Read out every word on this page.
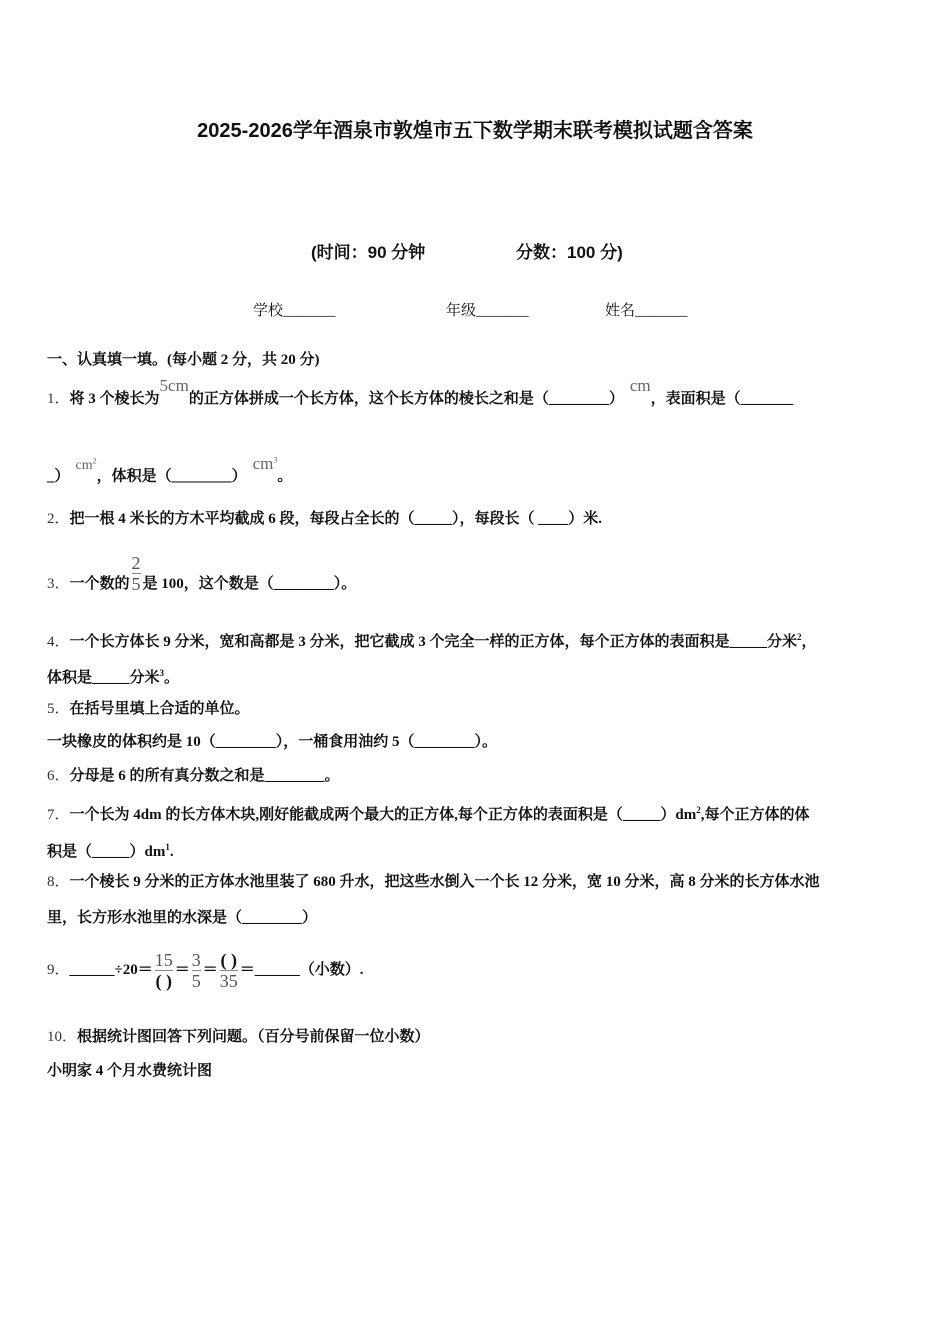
2025-2026学年酒泉市敦煌市五下数学期末联考模拟试题含答案
(时间：90 分钟	分数：100 分)
学校_______	年级_______	姓名_______
一、认真填一填。(每小题 2 分，共 20 分)
1．将 3 个棱长为5cm的正方体拼成一个长方体，这个长方体的棱长之和是（________）cm，表面积是（_______
$\_)cm^2$，体积是$(\_\_\_\_\_\_\_\_)cm^3$。
2．把一根 4 米长的方木平均截成 6 段，每段占全长的（_____），每段长（ ____）米.
3． 一个数的 $\frac{2}{5}$ 是 100，这个数是（________）。
4．一个长方体长 9 分米，宽和高都是 3 分米，把它截成 3 个完全一样的正方体，每个正方体的表面积是_____分米$^2$，
体积是_____分米$^3$。
5．在括号里填上合适的单位。
一块橡皮的体积约是 10（________），一桶食用油约 5（________）。
6．分母是 6 的所有真分数之和是________。
7．一个长为 4dm 的长方体木块,刚好能截成两个最大的正方体,每个正方体的表面积是$(\_\_\_\_\_)dm^2$,每个正方体的体
积是$(\_\_\_\_\_)dm^1$.
8．一个棱长 9 分米的正方体水池里装了 680 升水，把这些水倒入一个长 12 分米，宽 10 分米，高 8 分米的长方体水池
里，长方形水池里的水深是（________）
9． ______÷20＝ $\frac{15}{( )} = \frac{3}{5} = \frac{( )}{35}$ ＝______（小数）.
10．根据统计图回答下列问题。（百分号前保留一位小数）
小明家 4 个月水费统计图
